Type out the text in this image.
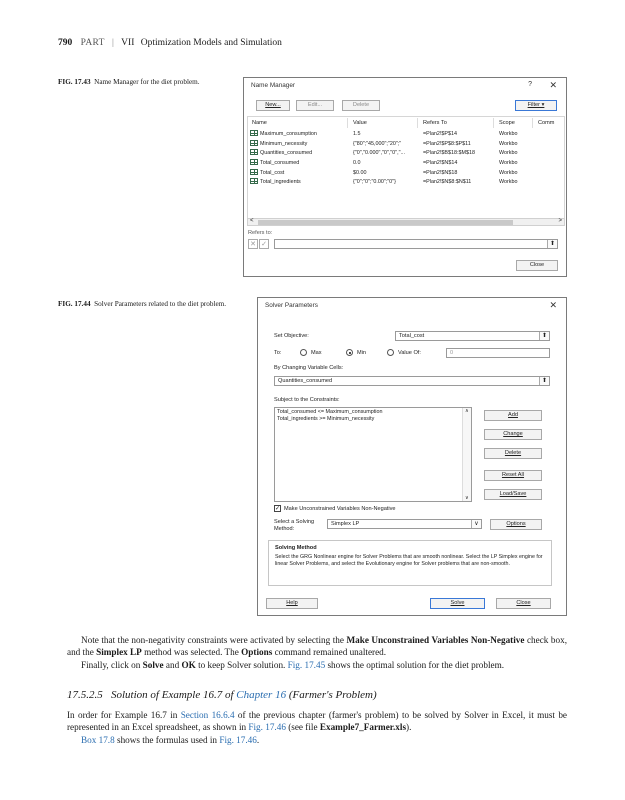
790 PART | VII Optimization Models and Simulation
FIG. 17.43 Name Manager for the diet problem.	Name Manager	? ✕
New...	Edit...	Delete	Filter ▾
Name	Value	Refers To	Scope	Comm
Maximum_consumption	1.5	=Plan2!$P$14	Workbo
Minimum_necessity	{"80";"45,000";"20";"	=Plan2!$P$8:$P$11	Workbo
Quantities_consumed	{"0","0.000","0","0","...	=Plan2!$B$18:$M$18	Workbo
Total_consumed	0.0	=Plan2!$N$14	Workbo
Total_cost	$0.00	=Plan2!$N$18	Workbo
Total_ingredients	{"0";"0";"0.00";"0"}	=Plan2!$N$8:$N$11	Workbo
<	>
Refers to:
✕ ✓	⬆
Close
FIG. 17.44 Solver Parameters related to the diet problem.	Solver Parameters	✕
Set Objective:	Total_cost	⬆
To:	Max	Min	Value Of:	0
By Changing Variable Cells:
Quantities_consumed	⬆
Subject to the Constraints:
Total_consumed <= Maximum_consumption
Total_ingredients >= Minimum_necessity
∧
∨
Add
Change
Delete
Reset All
Load/Save
✓ Make Unconstrained Variables Non-Negative
Select a Solving
Method:
Simplex LP	∨	Options
Solving Method
Select the GRG Nonlinear engine for Solver Problems that are smooth nonlinear. Select the LP Simplex engine for linear Solver Problems, and select the Evolutionary engine for Solver problems that are non-smooth.
Help	Solve	Close
Note that the non-negativity constraints were activated by selecting the Make Unconstrained Variables Non-Negative check box, and the Simplex LP method was selected. The Options command remained unaltered.
Finally, click on Solve and OK to keep Solver solution. Fig. 17.45 shows the optimal solution for the diet problem.
17.5.2.5 Solution of Example 16.7 of Chapter 16 (Farmer's Problem)
In order for Example 16.7 in Section 16.6.4 of the previous chapter (farmer's problem) to be solved by Solver in Excel, it must be represented in an Excel spreadsheet, as shown in Fig. 17.46 (see file Example7_Farmer.xls).
Box 17.8 shows the formulas used in Fig. 17.46.
